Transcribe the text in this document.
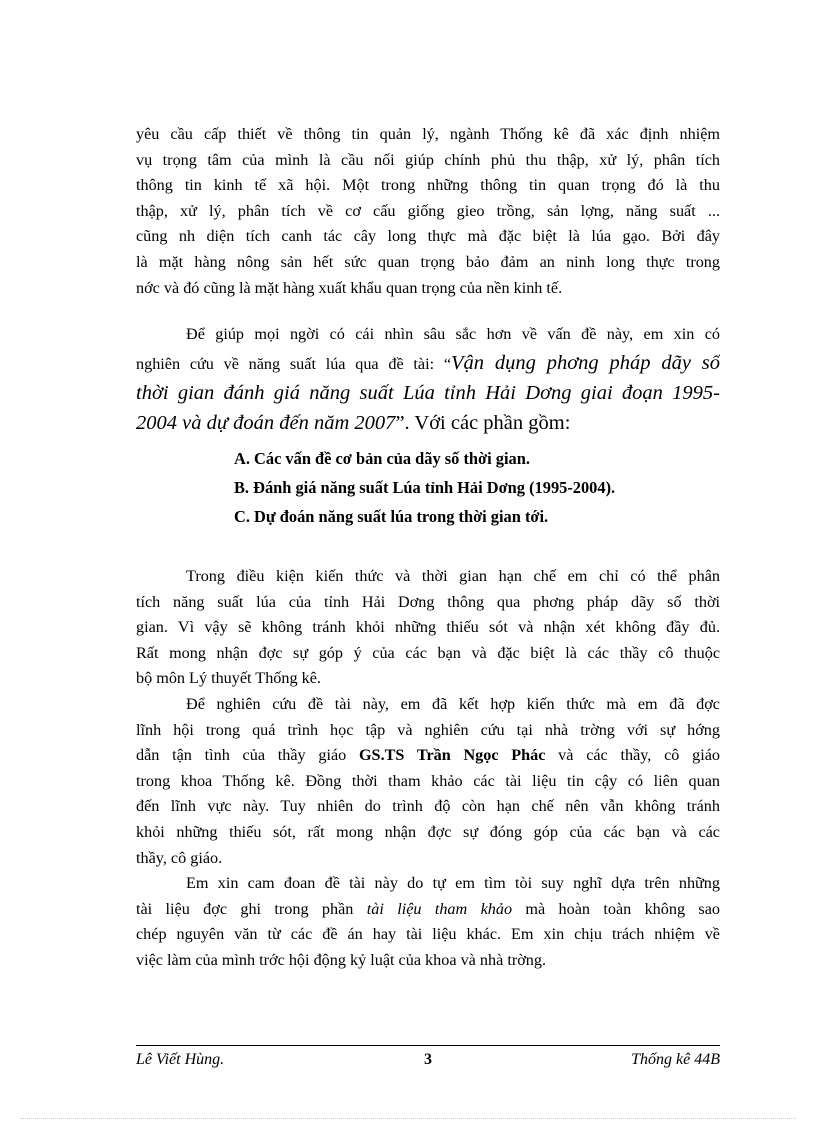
yêu cầu cấp thiết về thông tin quản lý, ngành Thống kê đã xác định nhiệm
vụ trọng tâm của mình là cầu nối giúp chính phủ thu thập, xử lý, phân tích
thông tin kinh tế xã hội. Một trong những thông tin quan trọng đó là thu
thập, xử lý, phân tích về cơ cấu giống gieo trồng, sản lợng, năng suất ...
cũng nh diện tích canh tác cây long thực mà đặc biệt là lúa gạo. Bởi đây
là mặt hàng nông sản hết sức quan trọng bảo đảm an ninh long thực trong
nớc và đó cũng là mặt hàng xuất khẩu quan trọng của nền kinh tế.
Để giúp mọi ngời có cái nhìn sâu sắc hơn về vấn đề này, em xin có
nghiên cứu về năng suất lúa qua đề tài: “Vận dụng phơng pháp dãy số
thời gian đánh giá năng suất Lúa tỉnh Hải Dơng giai đoạn 1995-
2004 và dự đoán đến năm 2007”. Với các phần gồm:
A. Các vấn đề cơ bản của dãy số thời gian.
B. Đánh giá năng suất Lúa tỉnh Hải Dơng (1995-2004).
C. Dự đoán năng suất lúa trong thời gian tới.
Trong điều kiện kiến thức và thời gian hạn chế em chỉ có thể phân
tích năng suất lúa của tỉnh Hải Dơng thông qua phơng pháp dãy số thời
gian. Vì vậy sẽ không tránh khỏi những thiếu sót và nhận xét không đầy đủ.
Rất mong nhận đợc sự góp ý của các bạn và đặc biệt là các thầy cô thuộc
bộ môn Lý thuyết Thống kê.
Để nghiên cứu đề tài này, em đã kết hợp kiến thức mà em đã đợc
lĩnh hội trong quá trình học tập và nghiên cứu tại nhà trờng với sự hớng
dẫn tận tình của thầy giáo GS.TS Trần Ngọc Phác và các thầy, cô giáo
trong khoa Thống kê. Đồng thời tham khảo các tài liệu tin cậy có liên quan
đến lĩnh vực này. Tuy nhiên do trình độ còn hạn chế nên vẫn không tránh
khỏi những thiếu sót, rất mong nhận đợc sự đóng góp của các bạn và các
thầy, cô giáo.
Em xin cam đoan đề tài này do tự em tìm tòi suy nghĩ dựa trên những
tài liệu đợc ghi trong phần tài liệu tham khảo mà hoàn toàn không sao
chép nguyên văn từ các đề án hay tài liệu khác. Em xin chịu trách nhiệm về
việc làm của mình trớc hội động kỷ luật của khoa và nhà trờng.
Lê Viết Hùng.	3	Thống kê 44B
